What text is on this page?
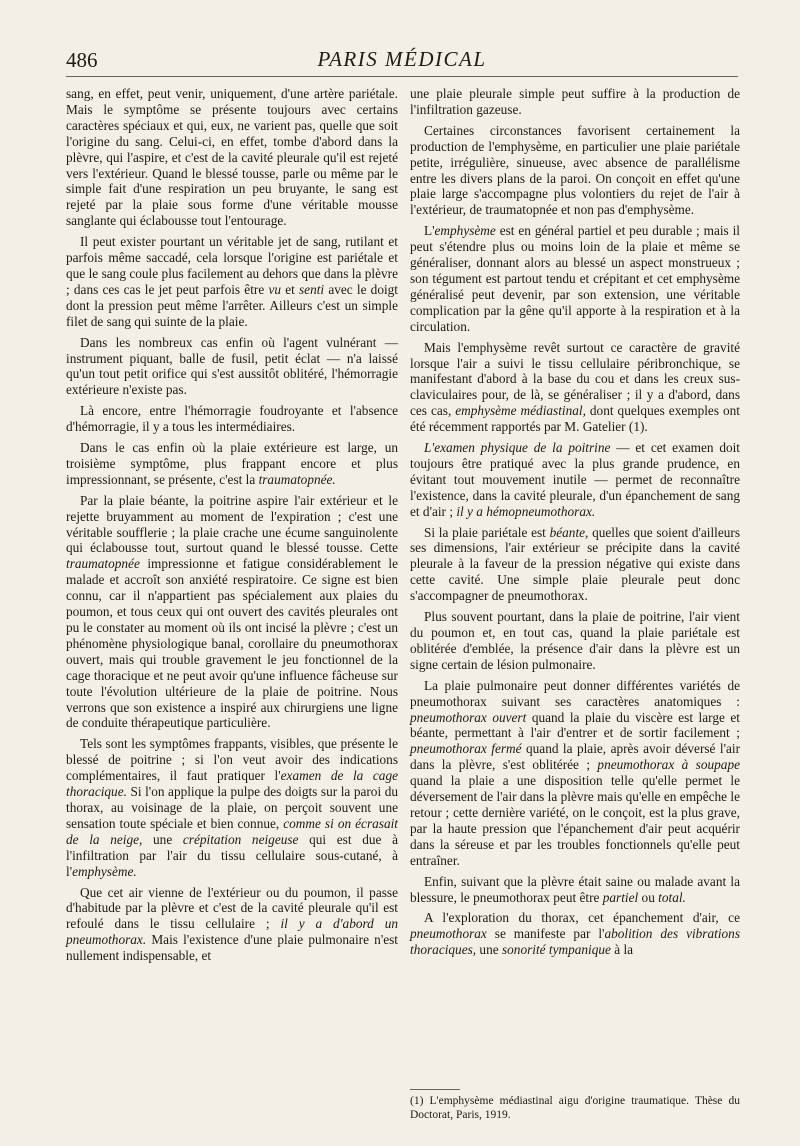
486	PARIS MÉDICAL

sang, en effet, peut venir, uniquement, d'une artère pariétale. Mais le symptôme se présente toujours avec certains caractères spéciaux et qui, eux, ne varient pas, quelle que soit l'origine du sang. Celui-ci, en effet, tombe d'abord dans la plèvre, qui l'aspire, et c'est de la cavité pleurale qu'il est rejeté vers l'extérieur. Quand le blessé tousse, parle ou même par le simple fait d'une respiration un peu bruyante, le sang est rejeté par la plaie sous forme d'une véritable mousse sanglante qui éclabousse tout l'entourage.

Il peut exister pourtant un véritable jet de sang, rutilant et parfois même saccadé, cela lorsque l'origine est pariétale et que le sang coule plus facilement au dehors que dans la plèvre ; dans ces cas le jet peut parfois être vu et senti avec le doigt dont la pression peut même l'arrêter. Ailleurs c'est un simple filet de sang qui suinte de la plaie.

Dans les nombreux cas enfin où l'agent vulnérant — instrument piquant, balle de fusil, petit éclat — n'a laissé qu'un tout petit orifice qui s'est aussitôt oblitéré, l'hémorragie extérieure n'existe pas.

Là encore, entre l'hémorragie foudroyante et l'absence d'hémorragie, il y a tous les intermédiaires.

Dans le cas enfin où la plaie extérieure est large, un troisième symptôme, plus frappant encore et plus impressionnant, se présente, c'est la traumatopnée.

Par la plaie béante, la poitrine aspire l'air extérieur et le rejette bruyamment au moment de l'expiration ; c'est une véritable soufflerie ; la plaie crache une écume sanguinolente qui éclabousse tout, surtout quand le blessé tousse. Cette traumatopnée impressionne et fatigue considérablement le malade et accroît son anxiété respiratoire. Ce signe est bien connu, car il n'appartient pas spécialement aux plaies du poumon, et tous ceux qui ont ouvert des cavités pleurales ont pu le constater au moment où ils ont incisé la plèvre ; c'est un phénomène physiologique banal, corollaire du pneumothorax ouvert, mais qui trouble gravement le jeu fonctionnel de la cage thoracique et ne peut avoir qu'une influence fâcheuse sur toute l'évolution ultérieure de la plaie de poitrine. Nous verrons que son existence a inspiré aux chirurgiens une ligne de conduite thérapeutique particulière.

Tels sont les symptômes frappants, visibles, que présente le blessé de poitrine ; si l'on veut avoir des indications complémentaires, il faut pratiquer l'examen de la cage thoracique. Si l'on applique la pulpe des doigts sur la paroi du thorax, au voisinage de la plaie, on perçoit souvent une sensation toute spéciale et bien connue, comme si on écrasait de la neige, une crépitation neigeuse qui est due à l'infiltration par l'air du tissu cellulaire sous-cutané, à l'emphysème.

Que cet air vienne de l'extérieur ou du poumon, il passe d'habitude par la plèvre et c'est de la cavité pleurale qu'il est refoulé dans le tissu cellulaire ; il y a d'abord un pneumothorax. Mais l'existence d'une plaie pulmonaire n'est nullement indispensable, et

une plaie pleurale simple peut suffire à la production de l'infiltration gazeuse.

Certaines circonstances favorisent certainement la production de l'emphysème, en particulier une plaie pariétale petite, irrégulière, sinueuse, avec absence de parallélisme entre les divers plans de la paroi. On conçoit en effet qu'une plaie large s'accompagne plus volontiers du rejet de l'air à l'extérieur, de traumatopnée et non pas d'emphysème.

L'emphysème est en général partiel et peu durable ; mais il peut s'étendre plus ou moins loin de la plaie et même se généraliser, donnant alors au blessé un aspect monstrueux ; son tégument est partout tendu et crépitant et cet emphysème généralisé peut devenir, par son extension, une véritable complication par la gêne qu'il apporte à la respiration et à la circulation.

Mais l'emphysème revêt surtout ce caractère de gravité lorsque l'air a suivi le tissu cellulaire péribronchique, se manifestant d'abord à la base du cou et dans les creux sus-claviculaires pour, de là, se généraliser ; il y a d'abord, dans ces cas, emphysème médiastinal, dont quelques exemples ont été récemment rapportés par M. Gatelier (1).

L'examen physique de la poitrine — et cet examen doit toujours être pratiqué avec la plus grande prudence, en évitant tout mouvement inutile — permet de reconnaître l'existence, dans la cavité pleurale, d'un épanchement de sang et d'air ; il y a hémopneumothorax.

Si la plaie pariétale est béante, quelles que soient d'ailleurs ses dimensions, l'air extérieur se précipite dans la cavité pleurale à la faveur de la pression négative qui existe dans cette cavité. Une simple plaie pleurale peut donc s'accompagner de pneumothorax.

Plus souvent pourtant, dans la plaie de poitrine, l'air vient du poumon et, en tout cas, quand la plaie pariétale est oblitérée d'emblée, la présence d'air dans la plèvre est un signe certain de lésion pulmonaire.

La plaie pulmonaire peut donner différentes variétés de pneumothorax suivant ses caractères anatomiques : pneumothorax ouvert quand la plaie du viscère est large et béante, permettant à l'air d'entrer et de sortir facilement ; pneumothorax fermé quand la plaie, après avoir déversé l'air dans la plèvre, s'est oblitérée ; pneumothorax à soupape quand la plaie a une disposition telle qu'elle permet le déversement de l'air dans la plèvre mais qu'elle en empêche le retour ; cette dernière variété, on le conçoit, est la plus grave, par la haute pression que l'épanchement d'air peut acquérir dans la séreuse et par les troubles fonctionnels qu'elle peut entraîner.

Enfin, suivant que la plèvre était saine ou malade avant la blessure, le pneumothorax peut être partiel ou total.

A l'exploration du thorax, cet épanchement d'air, ce pneumothorax se manifeste par l'abolition des vibrations thoraciques, une sonorité tympanique à la

(1) L'emphysème médiastinal aigu d'origine traumatique. Thèse du Doctorat, Paris, 1919.
